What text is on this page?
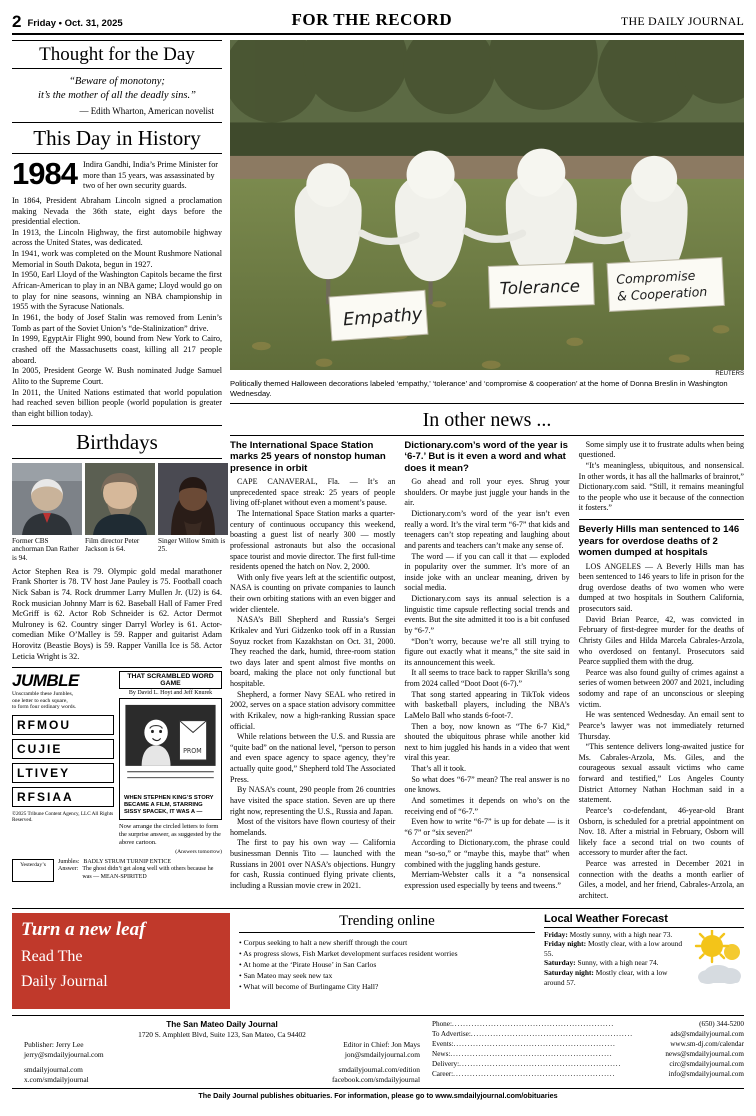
2 Friday • Oct. 31, 2025	FOR THE RECORD	THE DAILY JOURNAL
Thought for the Day
“Beware of monotony;
it’s the mother of all the deadly sins.”
— Edith Wharton, American novelist
This Day in History
1984 Indira Gandhi, India’s Prime Minister for more than 15 years, was assassinated by two of her own security guards.

In 1864, President Abraham Lincoln signed a proclamation making Nevada the 36th state, eight days before the presidential election.

In 1913, the Lincoln Highway, the first automobile highway across the United States, was dedicated.

In 1941, work was completed on the Mount Rushmore National Memorial in South Dakota, begun in 1927.

In 1950, Earl Lloyd of the Washington Capitols became the first African-American to play in an NBA game; Lloyd would go on to play for nine seasons, winning an NBA championship in 1955 with the Syracuse Nationals.

In 1961, the body of Josef Stalin was removed from Lenin’s Tomb as part of the Soviet Union’s “de-Stalinization” drive.

In 1999, EgyptAir Flight 990, bound from New York to Cairo, crashed off the Massachusetts coast, killing all 217 people aboard.

In 2005, President George W. Bush nominated Judge Samuel Alito to the Supreme Court.

In 2011, the United Nations estimated that world population had reached seven billion people (world population is greater than eight billion today).

Birthdays
Former CBS anchorman Dan Rather is 94.
Film director Peter Jackson is 64.
Singer Willow Smith is 25.
Actor Stephen Rea is 79. Olympic gold medal marathoner Frank Shorter is 78. TV host Jane Pauley is 75. Football coach Nick Saban is 74. Rock drummer Larry Mullen Jr. (U2) is 64. Rock musician Johnny Marr is 62. Baseball Hall of Famer Fred McGriff is 62. Actor Rob Schneider is 62. Actor Dermot Mulroney is 62. Country singer Darryl Worley is 61. Actor-comedian Mike O’Malley is 59. Rapper and guitarist Adam Horovitz (Beastie Boys) is 59. Rapper Vanilla Ice is 58. Actor Leticia Wright is 32.
JUMBLE
Unscramble these Jumbles,
one letter to each square,
to form four ordinary words.
RFMOU
CUJIE
LTIVEY
RFSIAA
©2025 Tribune Content Agency, LLC All Rights Reserved.
THAT SCRAMBLED WORD GAME
By David L. Hoyt and Jeff Knurek
PROM
WHEN STEPHEN KING’S STORY BECAME A FILM, STARRING SISSY SPACEK, IT WAS A —
Now arrange the circled letters to form the surprise answer, as suggested by the above cartoon.
(Answers tomorrow)
Yesterday’s	Jumbles: BADLY STRUM TURNIP ENTICE
Answer: The ghost didn’t get along well with others because he was — MEAN-SPIRITED
Empathy
Tolerance	Compromise
& Cooperation
REUTERS
Politically themed Halloween decorations labeled ‘empathy,’ ‘tolerance’ and ‘compromise & cooperation’ at the home of Donna Breslin in Washington Wednesday.
In other news ...
The International Space Station marks 25 years of nonstop human presence in orbit

CAPE CANAVERAL, Fla. — It’s an unprecedented space streak: 25 years of people living off-planet without even a moment’s pause.

The International Space Station marks a quarter-century of continuous occupancy this weekend, boasting a guest list of nearly 300 — mostly professional astronauts but also the occasional space tourist and movie director. The first full-time residents opened the hatch on Nov. 2, 2000.

With only five years left at the scientific outpost, NASA is counting on private companies to launch their own orbiting stations with an even bigger and wider clientele.

NASA’s Bill Shepherd and Russia’s Sergei Krikalev and Yuri Gidzenko took off in a Russian Soyuz rocket from Kazakhstan on Oct. 31, 2000. They reached the dark, humid, three-room station two days later and spent almost five months on board, making the place not only functional but hospitable.

Shepherd, a former Navy SEAL who retired in 2002, serves on a space station advisory committee with Krikalev, now a high-ranking Russian space official.

While relations between the U.S. and Russia are “quite bad” on the national level, “person to person and even space agency to space agency, they’re actually quite good,” Shepherd told The Associated Press.

By NASA’s count, 290 people from 26 countries have visited the space station. Seven are up there right now, representing the U.S., Russia and Japan.

Most of the visitors have flown courtesy of their homelands.

The first to pay his own way — California businessman Dennis Tito — launched with the Russians in 2001 over NASA’s objections. Hungry for cash, Russia continued flying private clients, including a Russian movie crew in 2021.

Dictionary.com’s word of the year is ‘6-7.’ But is it even a word and what does it mean?

Go ahead and roll your eyes. Shrug your shoulders. Or maybe just juggle your hands in the air.

Dictionary.com’s word of the year isn’t even really a word. It’s the viral term “6-7” that kids and teenagers can’t stop repeating and laughing about and parents and teachers can’t make any sense of.

The word — if you can call it that — exploded in popularity over the summer. It’s more of an inside joke with an unclear meaning, driven by social media.

Dictionary.com says its annual selection is a linguistic time capsule reflecting social trends and events. But the site admitted it too is a bit confused by “6-7.”

“Don’t worry, because we’re all still trying to figure out exactly what it means,” the site said in its announcement this week.

It all seems to trace back to rapper Skrilla’s song from 2024 called “Doot Doot (6-7).”

That song started appearing in TikTok videos with basketball players, including the NBA’s LaMelo Ball who stands 6-foot-7.

Then a boy, now known as “The 6-7 Kid,” shouted the ubiquitous phrase while another kid next to him juggled his hands in a video that went viral this year.

That’s all it took.

So what does “6-7” mean? The real answer is no one knows.

And sometimes it depends on who’s on the receiving end of “6-7.”

Even how to write “6-7” is up for debate — is it “6 7” or “six seven?”

According to Dictionary.com, the phrase could mean “so-so,” or “maybe this, maybe that” when combined with the juggling hands gesture.

Merriam-Webster calls it a “a nonsensical expression used especially by teens and tweens.”

Some simply use it to frustrate adults when being questioned.

“It’s meaningless, ubiquitous, and nonsensical. In other words, it has all the hallmarks of brainrot,” Dictionary.com said. “Still, it remains meaningful to the people who use it because of the connection it fosters.”

Beverly Hills man sentenced to 146 years for overdose deaths of 2 women dumped at hospitals

LOS ANGELES — A Beverly Hills man has been sentenced to 146 years to life in prison for the drug overdose deaths of two women who were dumped at two hospitals in Southern California, prosecutors said.

David Brian Pearce, 42, was convicted in February of first-degree murder for the deaths of Christy Giles and Hilda Marcela Cabrales-Arzola, who overdosed on fentanyl. Prosecutors said Pearce supplied them with the drug.

Pearce was also found guilty of crimes against a series of women between 2007 and 2021, including sodomy and rape of an unconscious or sleeping victim.

He was sentenced Wednesday. An email sent to Pearce’s lawyer was not immediately returned Thursday.

“This sentence delivers long-awaited justice for Ms. Cabrales-Arzola, Ms. Giles, and the courageous sexual assault victims who came forward and testified,” Los Angeles County District Attorney Nathan Hochman said in a statement.

Pearce’s co-defendant, 46-year-old Brant Osborn, is scheduled for a pretrial appointment on Nov. 18. After a mistrial in February, Osborn will likely face a second trial on two counts of accessory to murder after the fact.

Pearce was arrested in December 2021 in connection with the deaths a month earlier of Giles, a model, and her friend, Cabrales-Arzola, an architect.

Turn a new leaf
Read The
Daily Journal
Trending online
• Corpus seeking to halt a new sheriff through the court
• As progress slows, Fish Market development surfaces resident worries
• At home at the ‘Pirate House’ in San Carlos
• San Mateo may seek new tax
• What will become of Burlingame City Hall?
Local Weather Forecast
Friday: Mostly sunny, with a high near 73.
Friday night: Mostly clear, with a low around 55.
Saturday: Sunny, with a high near 74.
Saturday night: Mostly clear, with a low around 57.
The San Mateo Daily Journal
1720 S. Amphlett Blvd, Suite 123, San Mateo, Ca 94402
Publisher: Jerry Lee	Editor in Chief: Jon Mays
jerry@smdailyjournal.com	jon@smdailyjournal.com
smdailyjournal.com	smdailyjournal.com/edition
x.com/smdailyjournal	facebook.com/smdailyjournal
Phone: ..........................................................	(650) 344-5200
To Advertise: ..........................................................	ads@smdailyjournal.com
Events: ..........................................................	www.sm-dj.com/calendar
News: ..........................................................	news@smdailyjournal.com
Delivery: ..........................................................	circ@smdailyjournal.com
Career: ..........................................................	info@smdailyjournal.com
The Daily Journal publishes obituaries. For information, please go to www.smdailyjournal.com/obituaries
